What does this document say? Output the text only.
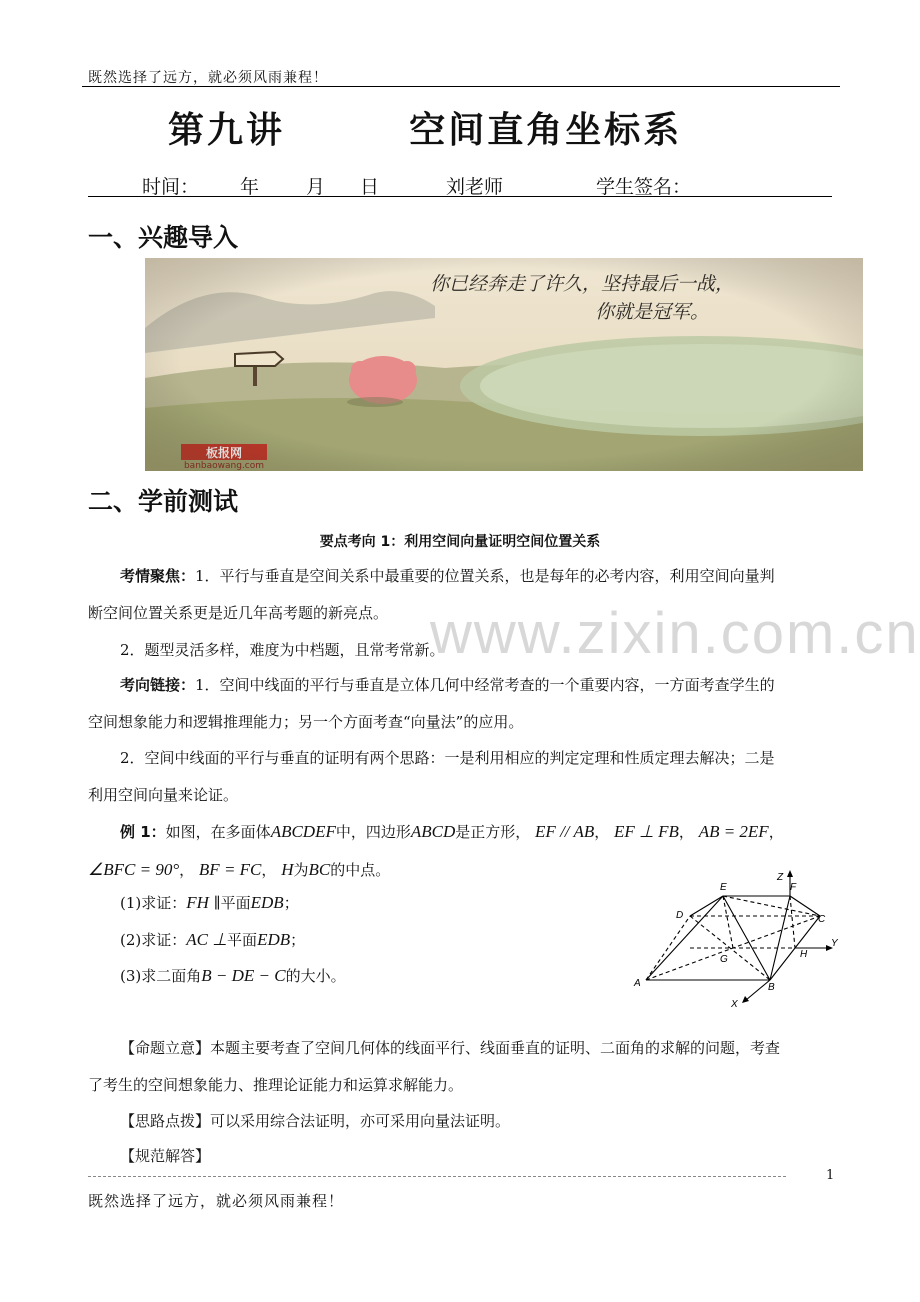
既然选择了远方，就必须风雨兼程！
第九讲        空间直角坐标系
时间： 年 月 日	刘老师	学生签名：
一、兴趣导入
二、学前测试
要点考向 1：利用空间向量证明空间位置关系
www.zixin.com.cn
考情聚焦：1．平行与垂直是空间关系中最重要的位置关系，也是每年的必考内容，利用空间向量判
断空间位置关系更是近几年高考题的新亮点。
2．题型灵活多样，难度为中档题，且常考常新。
考向链接：1．空间中线面的平行与垂直是立体几何中经常考查的一个重要内容，一方面考查学生的
空间想象能力和逻辑推理能力；另一个方面考查“向量法”的应用。
2．空间中线面的平行与垂直的证明有两个思路：一是利用相应的判定定理和性质定理去解决；二是
利用空间向量来论证。
例 1：如图，在多面体ABCDEF中，四边形ABCD是正方形， EF // AB， EF ⊥ FB， AB = 2EF，
∠BFC = 90°， BF = FC， H为BC的中点。
(1)求证：FH ∥平面EDB；
(2)求证：AC ⊥平面EDB；
(3)求二面角B − DE − C的大小。
Z
E	F
D	C
Y
G	H
A	B
X
【命题立意】本题主要考查了空间几何体的线面平行、线面垂直的证明、二面角的求解的问题，考查
了考生的空间想象能力、推理论证能力和运算求解能力。
【思路点拨】可以采用综合法证明，亦可采用向量法证明。
【规范解答】
1
既然选择了远方，就必须风雨兼程！
